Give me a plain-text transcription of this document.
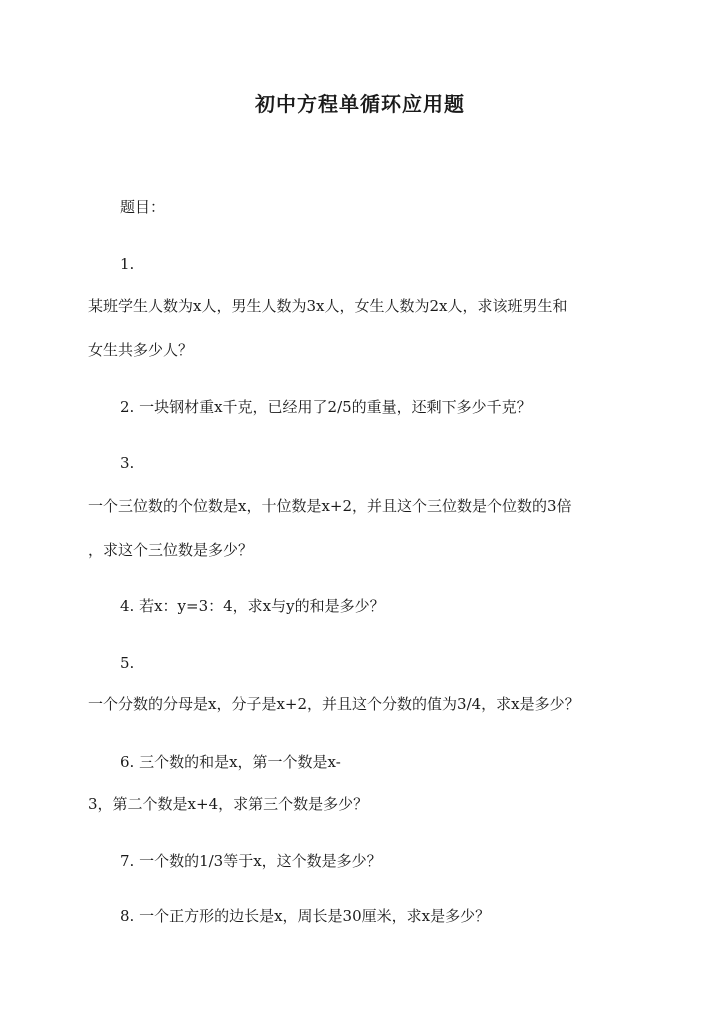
初中方程单循环应用题
题目：
1.
某班学生人数为x人，男生人数为3x人，女生人数为2x人，求该班男生和
女生共多少人？
2. 一块钢材重x千克，已经用了2/5的重量，还剩下多少千克？
3.
一个三位数的个位数是x，十位数是x+2，并且这个三位数是个位数的3倍
，求这个三位数是多少？
4. 若x：y=3：4，求x与y的和是多少？
5.
一个分数的分母是x，分子是x+2，并且这个分数的值为3/4，求x是多少？
6. 三个数的和是x，第一个数是x-
3，第二个数是x+4，求第三个数是多少？
7. 一个数的1/3等于x，这个数是多少？
8. 一个正方形的边长是x，周长是30厘米，求x是多少？
